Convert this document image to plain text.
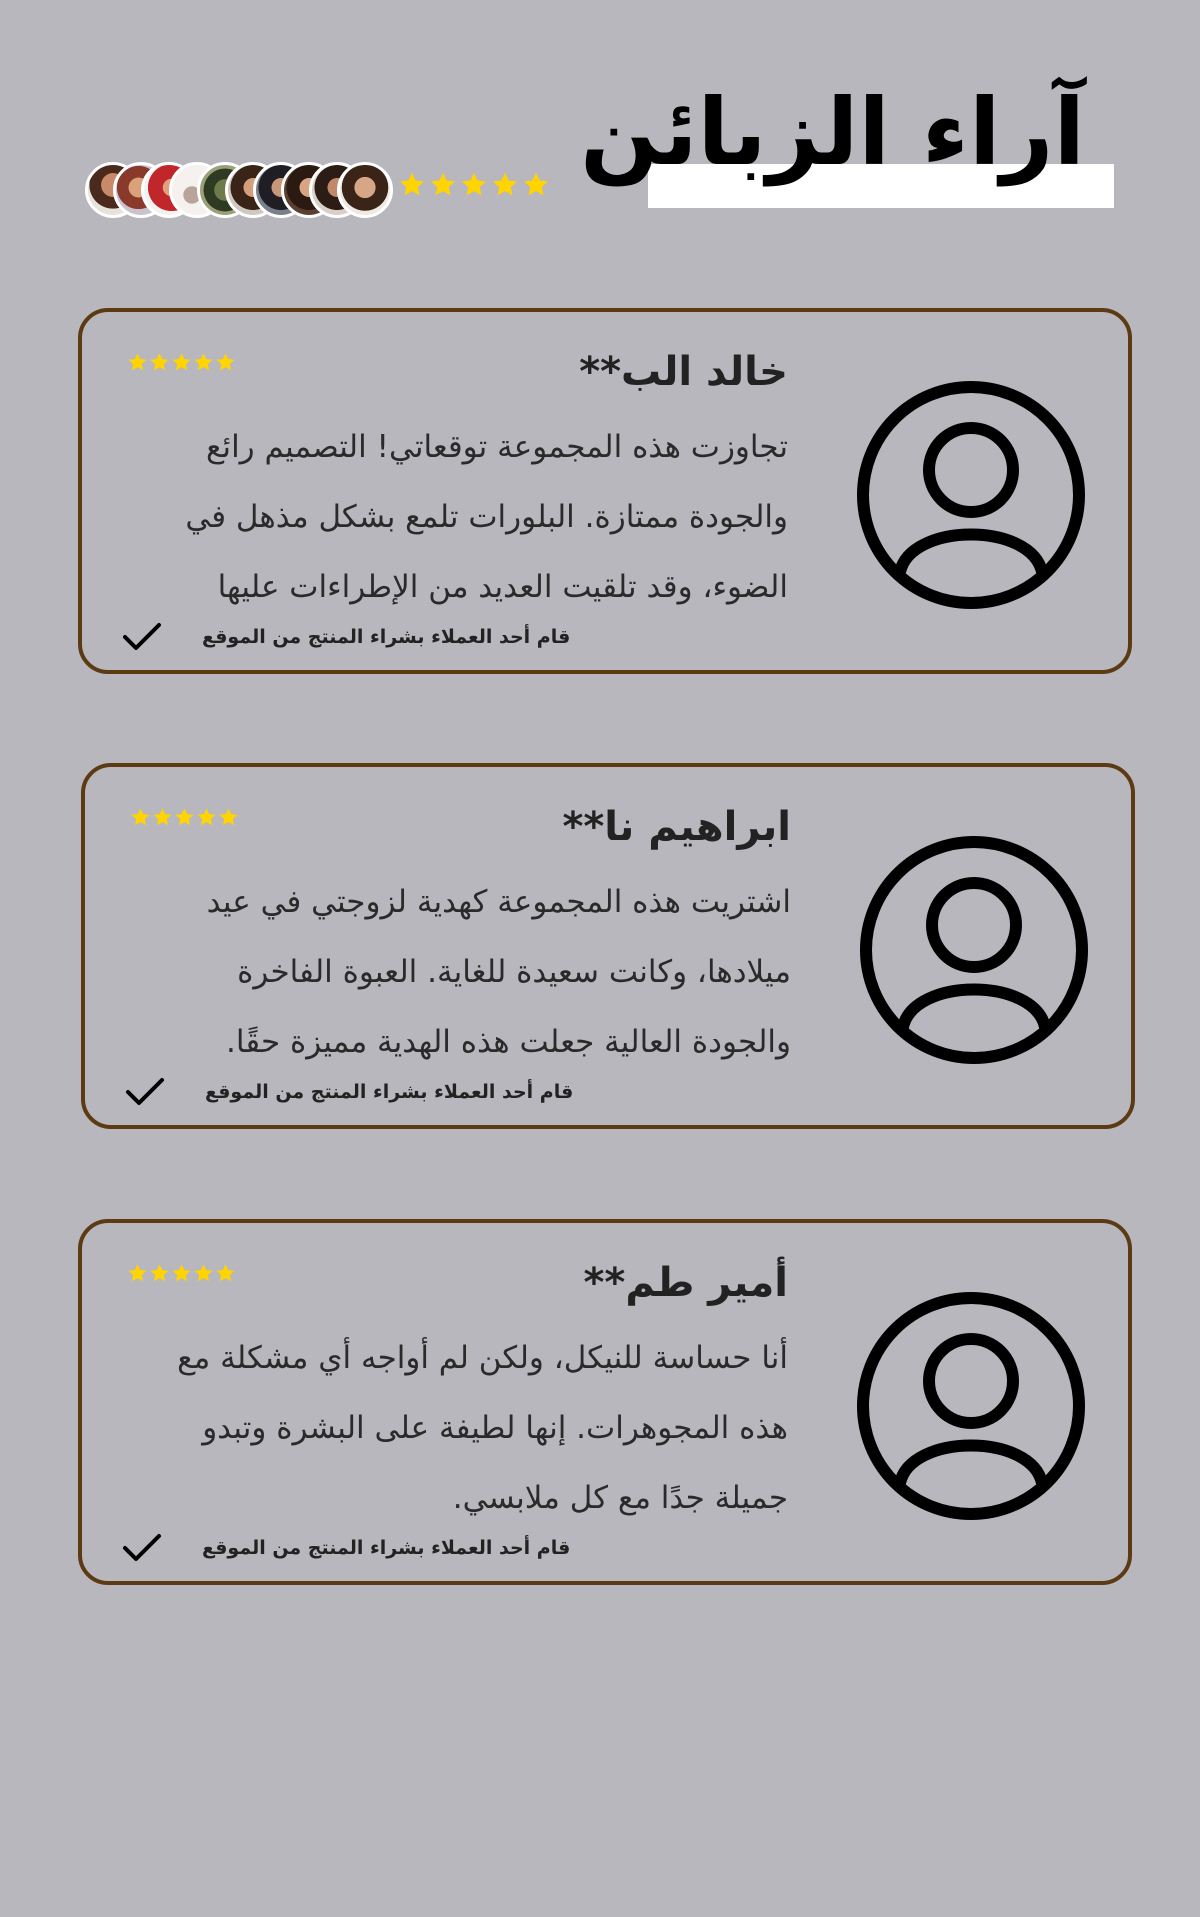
آراء الزبائن
خالد الب**
تجاوزت هذه المجموعة توقعاتي! التصميم رائع والجودة ممتازة. البلورات تلمع بشكل مذهل في الضوء، وقد تلقيت العديد من الإطراءات عليها
قام أحد العملاء بشراء المنتج من الموقع
ابراهيم نا**
اشتريت هذه المجموعة كهدية لزوجتي في عيد ميلادها، وكانت سعيدة للغاية. العبوة الفاخرة والجودة العالية جعلت هذه الهدية مميزة حقًا.
قام أحد العملاء بشراء المنتج من الموقع
أمير طم**
أنا حساسة للنيكل، ولكن لم أواجه أي مشكلة مع هذه المجوهرات. إنها لطيفة على البشرة وتبدو جميلة جدًا مع كل ملابسي.
قام أحد العملاء بشراء المنتج من الموقع
